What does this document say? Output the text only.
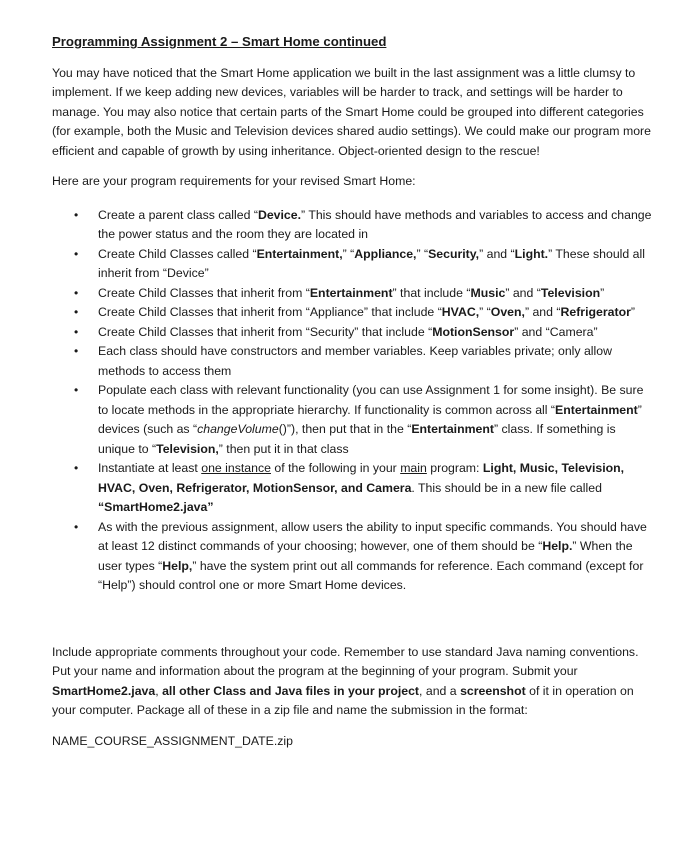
Programming Assignment 2 – Smart Home continued

You may have noticed that the Smart Home application we built in the last assignment was a little clumsy to implement. If we keep adding new devices, variables will be harder to track, and settings will be harder to manage. You may also notice that certain parts of the Smart Home could be grouped into different categories (for example, both the Music and Television devices shared audio settings). We could make our program more efficient and capable of growth by using inheritance. Object-oriented design to the rescue!

Here are your program requirements for your revised Smart Home:

• Create a parent class called “Device.” This should have methods and variables to access and change the power status and the room they are located in
• Create Child Classes called “Entertainment,” “Appliance,” “Security,” and “Light.” These should all inherit from “Device”
• Create Child Classes that inherit from “Entertainment” that include “Music” and “Television”
• Create Child Classes that inherit from “Appliance” that include “HVAC,” “Oven,” and “Refrigerator”
• Create Child Classes that inherit from “Security” that include “MotionSensor” and “Camera”
• Each class should have constructors and member variables. Keep variables private; only allow methods to access them
• Populate each class with relevant functionality (you can use Assignment 1 for some insight). Be sure to locate methods in the appropriate hierarchy. If functionality is common across all “Entertainment” devices (such as “changeVolume()”), then put that in the “Entertainment” class. If something is unique to “Television,” then put it in that class
• Instantiate at least one instance of the following in your main program: Light, Music, Television, HVAC, Oven, Refrigerator, MotionSensor, and Camera. This should be in a new file called “SmartHome2.java”
• As with the previous assignment, allow users the ability to input specific commands. You should have at least 12 distinct commands of your choosing; however, one of them should be “Help.” When the user types “Help,” have the system print out all commands for reference. Each command (except for “Help”) should control one or more Smart Home devices.

Include appropriate comments throughout your code. Remember to use standard Java naming conventions. Put your name and information about the program at the beginning of your program. Submit your SmartHome2.java, all other Class and Java files in your project, and a screenshot of it in operation on your computer. Package all of these in a zip file and name the submission in the format:

NAME_COURSE_ASSIGNMENT_DATE.zip
